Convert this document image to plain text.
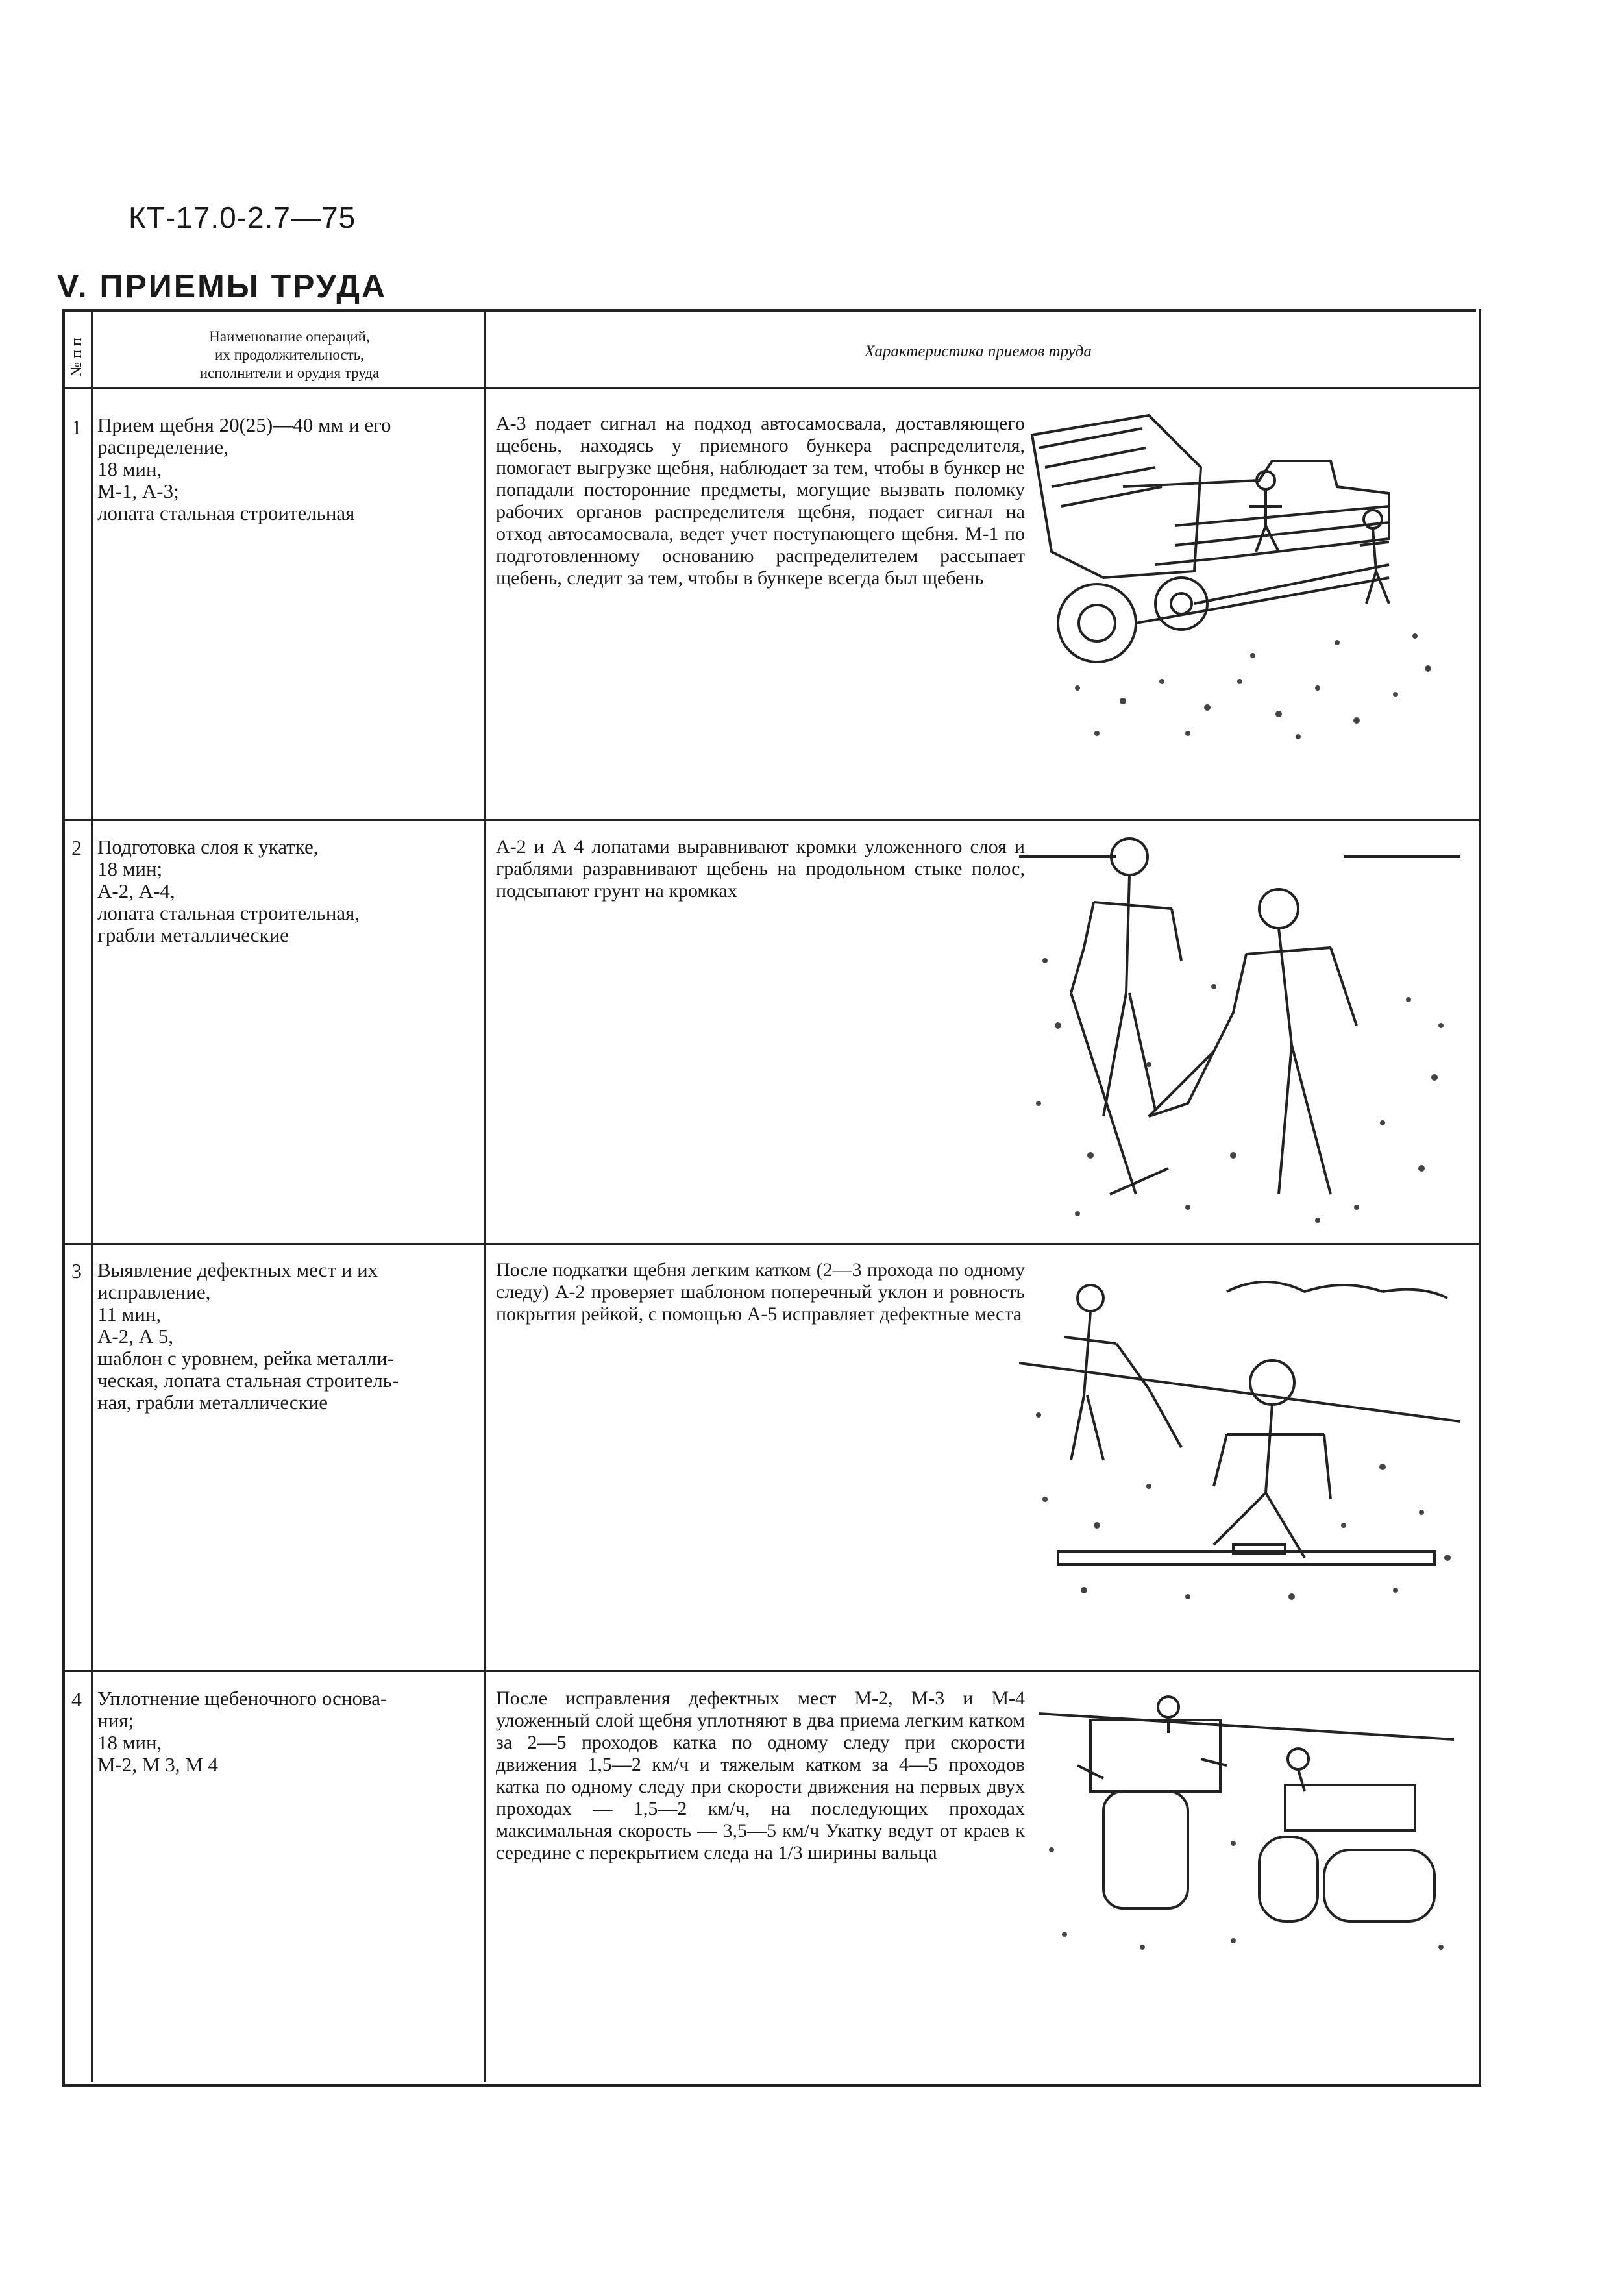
КТ-17.0-2.7—75
V. ПРИЕМЫ ТРУДА
№ п п
Наименование операций,
их продолжительность,
исполнители и орудия труда
Характеристика приемов труда
1 Прием щебня 20(25)—40 мм и его
распределение,
18 мин,
М-1, А-3;
лопата стальная строительная
А-3 подает сигнал на подход автосамосвала, доставляющего щебень, находясь у приемного бункера распределителя, помогает выгрузке щебня, наблюдает за тем, чтобы в бункер не попадали посторонние предметы, могущие вызвать поломку рабочих органов распределителя щебня, подает сигнал на отход автосамосвала, ведет учет поступающего щебня. М-1 по подготовленному основанию распределителем рассыпает щебень, следит за тем, чтобы в бункере всегда был щебень
2 Подготовка слоя к укатке,
18 мин;
А-2, А-4,
лопата стальная строительная,
грабли металлические
А-2 и А 4 лопатами выравнивают кромки уложенного слоя и граблями разравнивают щебень на продольном стыке полос, подсыпают грунт на кромках
3 Выявление дефектных мест и их
исправление,
11 мин,
А-2, А 5,
шаблон с уровнем, рейка металли-
ческая, лопата стальная строитель-
ная, грабли металлические
После подкатки щебня легким катком (2—3 прохода по одному следу) А-2 проверяет шаблоном поперечный уклон и ровность покрытия рейкой, с помощью А-5 исправляет дефектные места
4 Уплотнение щебеночного основа-
ния;
18 мин,
М-2, М 3, М 4
После исправления дефектных мест М-2, М-3 и М-4 уложенный слой щебня уплотняют в два приема легким катком за 2—5 проходов катка по одному следу при скорости движения 1,5—2 км/ч и тяжелым катком за 4—5 проходов катка по одному следу при скорости движения на первых двух проходах — 1,5—2 км/ч, на последующих проходах максимальная скорость — 3,5—5 км/ч Укатку ведут от краев к середине с перекрытием следа на 1/3 ширины вальца
